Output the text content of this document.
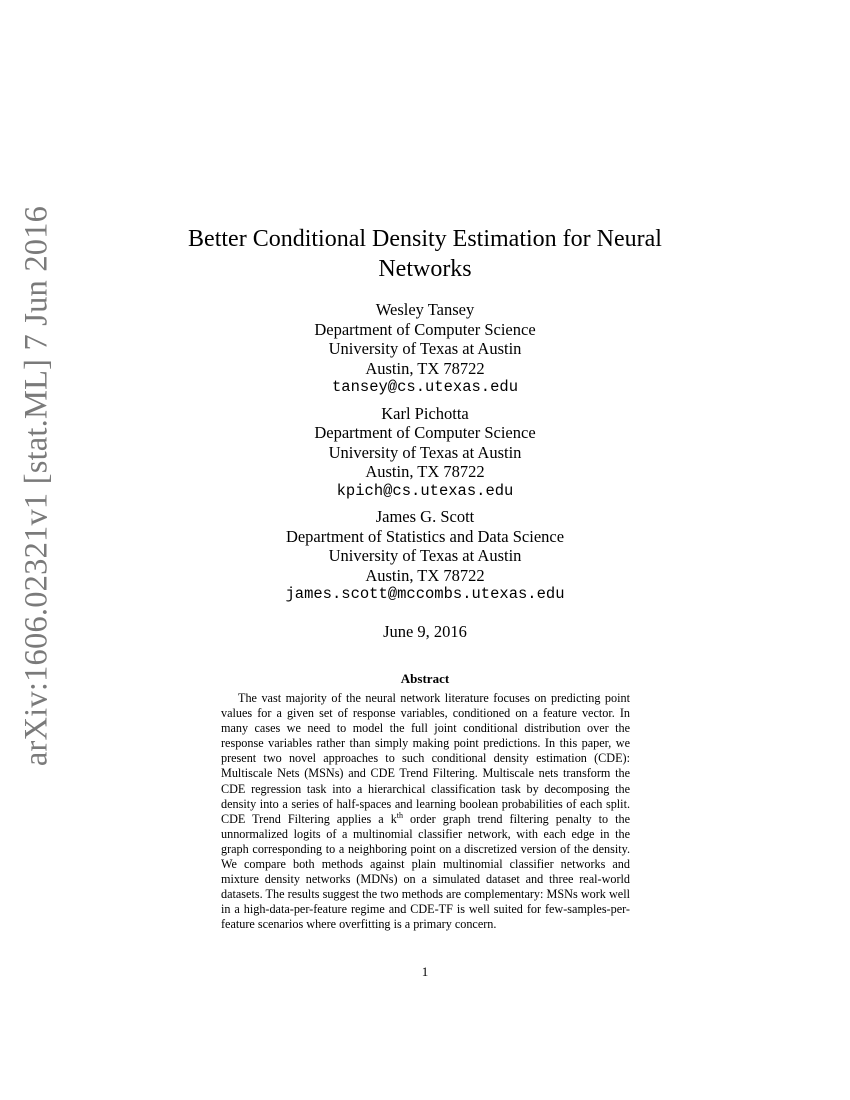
arXiv:1606.02321v1 [stat.ML] 7 Jun 2016	Better Conditional Density Estimation for Neural Networks
Wesley Tansey
Department of Computer Science
University of Texas at Austin
Austin, TX 78722
tansey@cs.utexas.edu
Karl Pichotta
Department of Computer Science
University of Texas at Austin
Austin, TX 78722
kpich@cs.utexas.edu
James G. Scott
Department of Statistics and Data Science
University of Texas at Austin
Austin, TX 78722
james.scott@mccombs.utexas.edu
June 9, 2016
Abstract

The vast majority of the neural network literature focuses on predicting point values for a given set of response variables, conditioned on a feature vector. In many cases we need to model the full joint conditional distribution over the response variables rather than simply making point predictions. In this paper, we present two novel approaches to such conditional density estimation (CDE): Multiscale Nets (MSNs) and CDE Trend Filtering. Multiscale nets transform the CDE regression task into a hierarchical classification task by decomposing the density into a series of half-spaces and learning boolean probabilities of each split. CDE Trend Filtering applies a $k^{th}$ order graph trend filtering penalty to the unnormalized logits of a multinomial classifier network, with each edge in the graph corresponding to a neighboring point on a discretized version of the density. We compare both methods against plain multinomial classifier networks and mixture density networks (MDNs) on a simulated dataset and three real-world datasets. The results suggest the two methods are complementary: MSNs work well in a high-data-per-feature regime and CDE-TF is well suited for few-samples-per-feature scenarios where overfitting is a primary concern.

1
